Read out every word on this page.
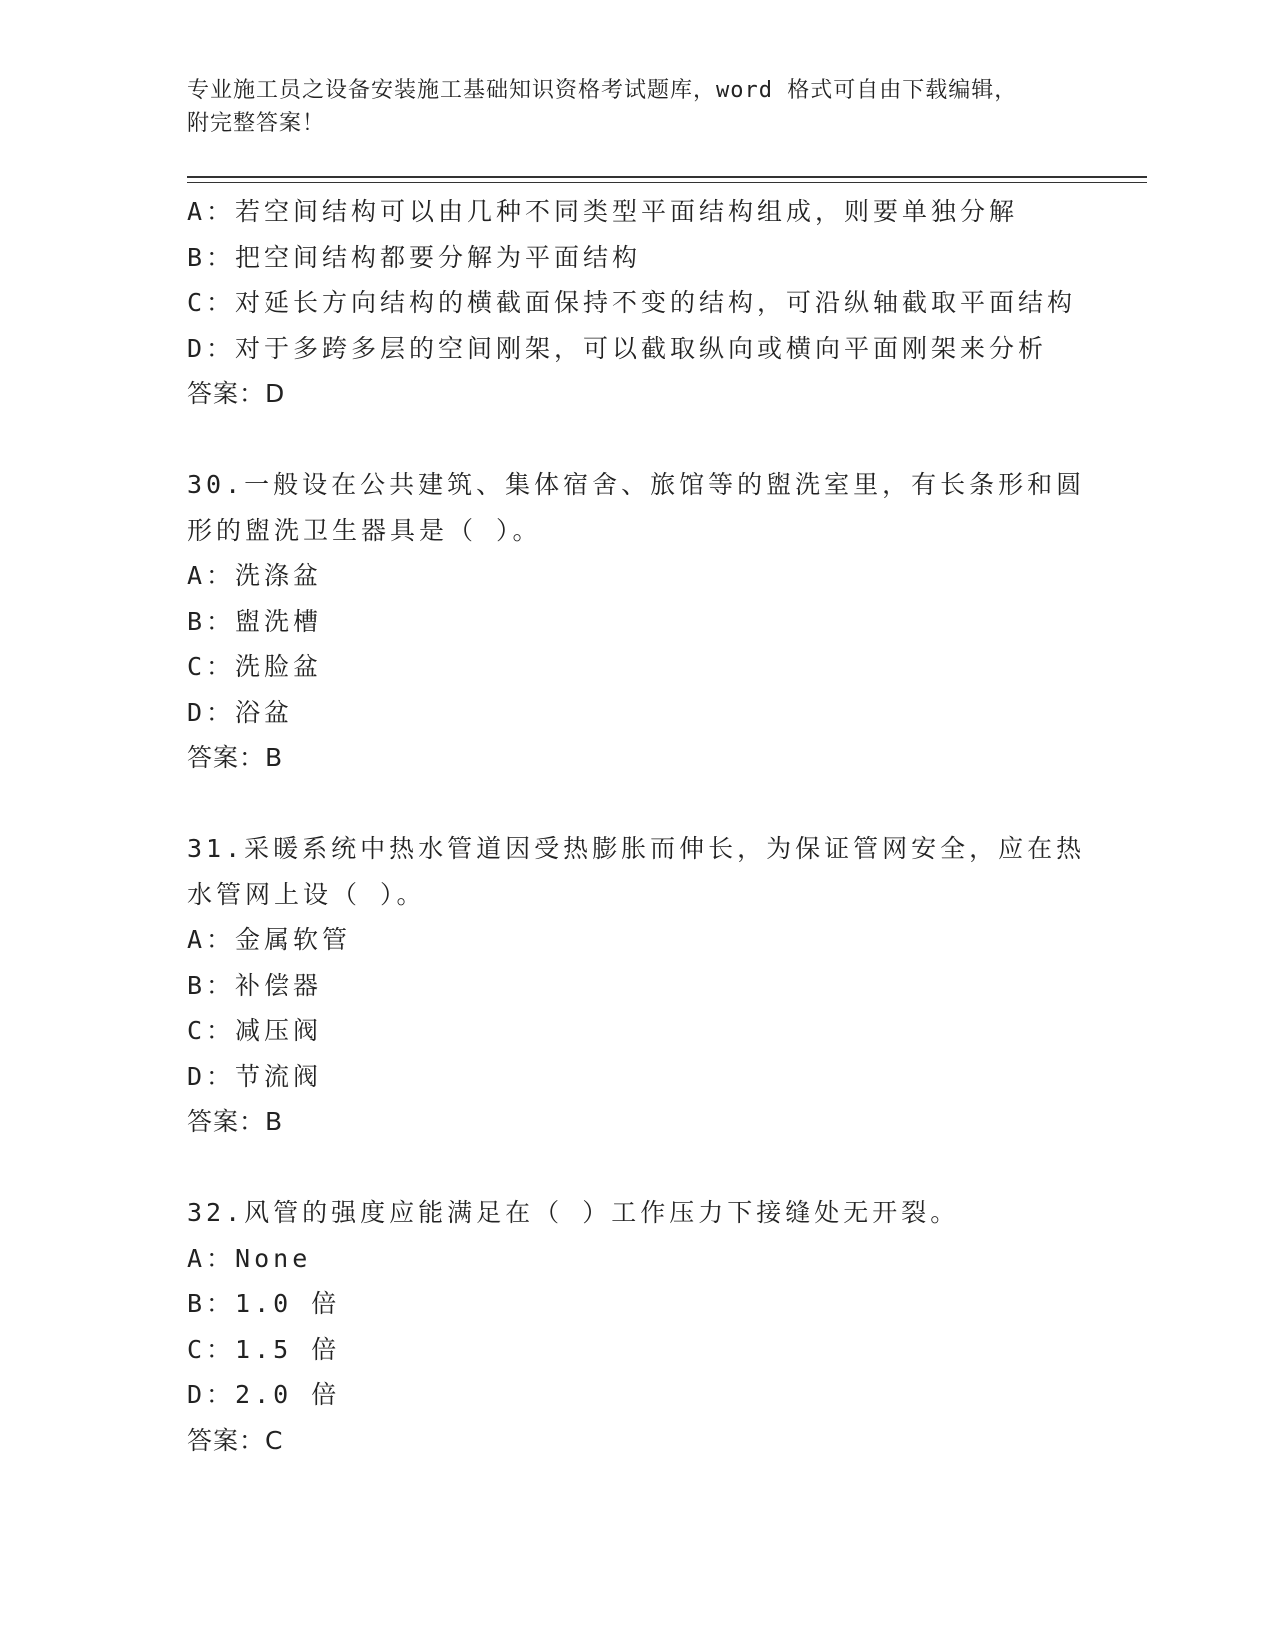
专业施工员之设备安装施工基础知识资格考试题库，word 格式可自由下载编辑，
附完整答案！
A：若空间结构可以由几种不同类型平面结构组成，则要单独分解
B：把空间结构都要分解为平面结构
C：对延长方向结构的横截面保持不变的结构，可沿纵轴截取平面结构
D：对于多跨多层的空间刚架，可以截取纵向或横向平面刚架来分析
答案：D
30.一般设在公共建筑、集体宿舍、旅馆等的盥洗室里，有长条形和圆
形的盥洗卫生器具是（ ）。
A：洗涤盆
B：盥洗槽
C：洗脸盆
D：浴盆
答案：B
31.采暖系统中热水管道因受热膨胀而伸长，为保证管网安全，应在热
水管网上设（ ）。
A：金属软管
B：补偿器
C：减压阀
D：节流阀
答案：B
32.风管的强度应能满足在（ ）工作压力下接缝处无开裂。
A：None
B：1.0 倍
C：1.5 倍
D：2.0 倍
答案：C
